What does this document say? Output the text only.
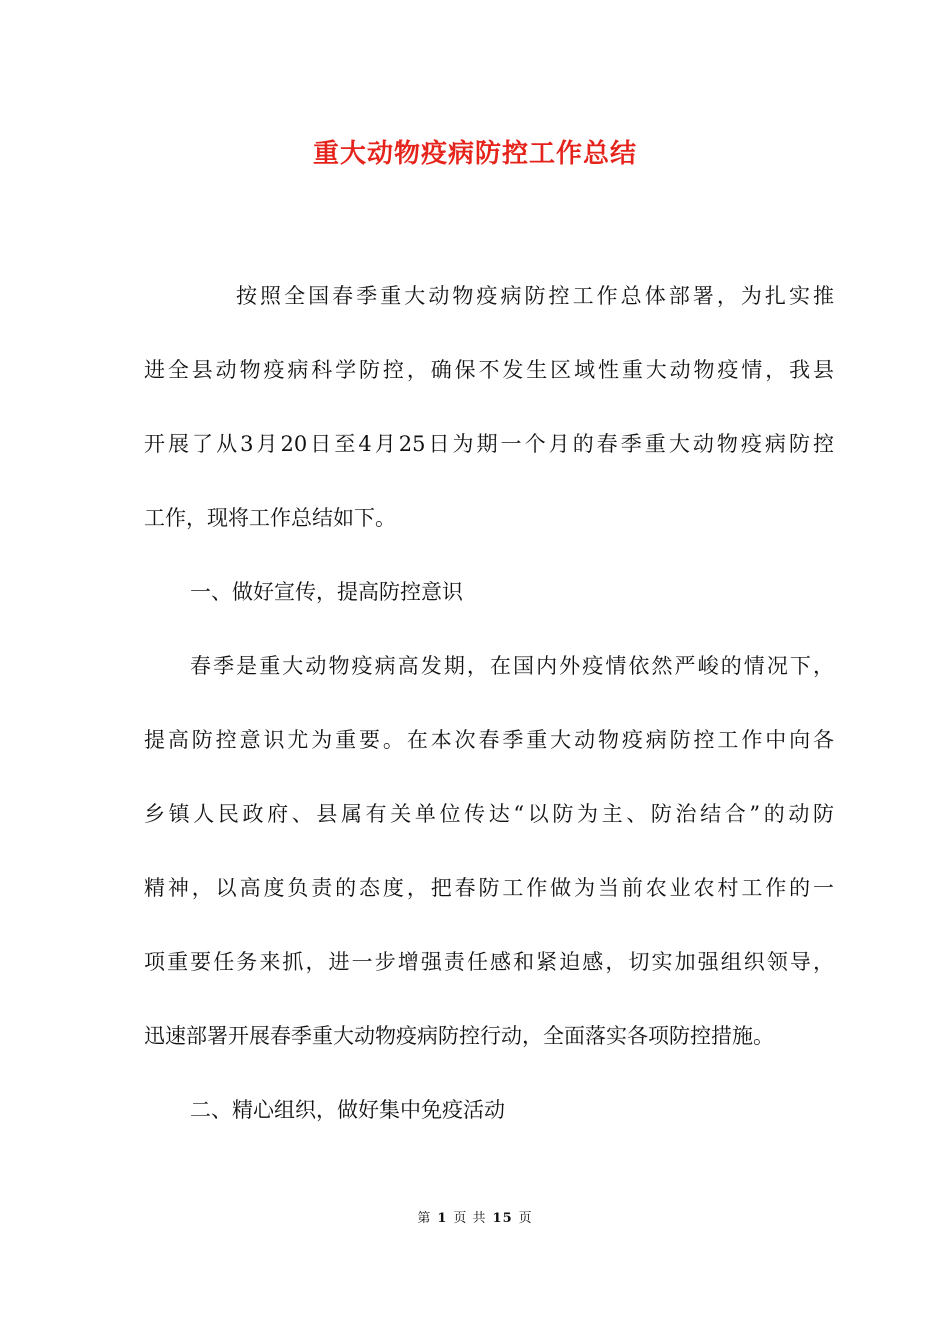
重大动物疫病防控工作总结
按照全国春季重大动物疫病防控工作总体部署，为扎实推
进全县动物疫病科学防控，确保不发生区域性重大动物疫情，我县
开展了从3月20日至4月25日为期一个月的春季重大动物疫病防控
工作，现将工作总结如下。
一、做好宣传，提高防控意识
春季是重大动物疫病高发期，在国内外疫情依然严峻的情况下，
提高防控意识尤为重要。在本次春季重大动物疫病防控工作中向各
乡镇人民政府、县属有关单位传达“以防为主、防治结合”的动防
精神，以高度负责的态度，把春防工作做为当前农业农村工作的一
项重要任务来抓，进一步增强责任感和紧迫感，切实加强组织领导，
迅速部署开展春季重大动物疫病防控行动，全面落实各项防控措施。
二、精心组织，做好集中免疫活动
第 1 页 共 15 页
